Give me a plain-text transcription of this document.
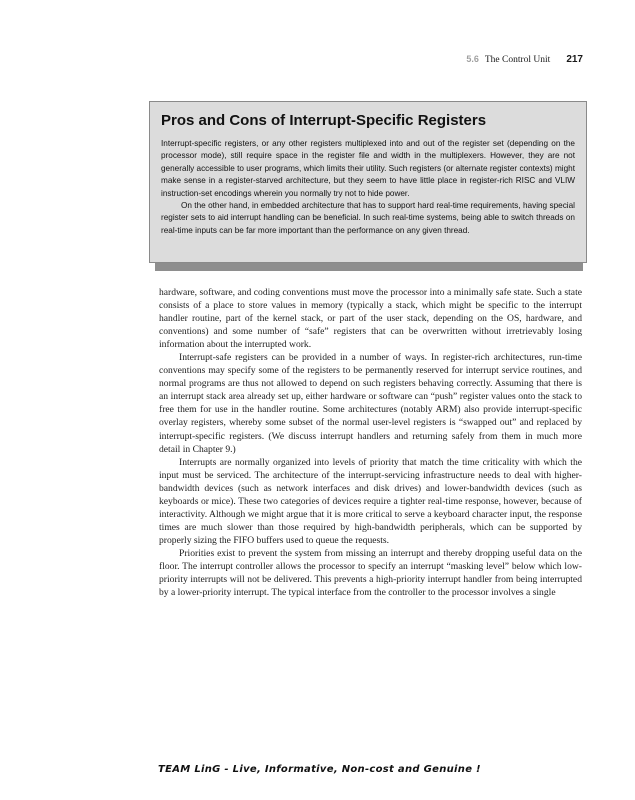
5.6 The Control Unit 217
Pros and Cons of Interrupt-Specific Registers

Interrupt-specific registers, or any other registers multiplexed into and out of the register set (depending on the processor mode), still require space in the register file and width in the multiplexers. However, they are not generally accessible to user programs, which limits their utility. Such registers (or alternate register contexts) might make sense in a register-starved architecture, but they seem to have little place in register-rich RISC and VLIW instruction-set encodings wherein you normally try not to hide power.

On the other hand, in embedded architecture that has to support hard real-time requirements, having special register sets to aid interrupt handling can be beneficial. In such real-time systems, being able to switch threads on real-time inputs can be far more important than the performance on any given thread.

hardware, software, and coding conventions must move the processor into a minimally safe state. Such a state consists of a place to store values in memory (typically a stack, which might be specific to the interrupt handler routine, part of the kernel stack, or part of the user stack, depending on the OS, hardware, and conventions) and some number of “safe” registers that can be overwritten without irretrievably losing information about the interrupted work.

Interrupt-safe registers can be provided in a number of ways. In register-rich architectures, run-time conventions may specify some of the registers to be permanently reserved for interrupt service routines, and normal programs are thus not allowed to depend on such registers behaving correctly. Assuming that there is an interrupt stack area already set up, either hardware or software can “push” register values onto the stack to free them for use in the handler routine. Some architectures (notably ARM) also provide interrupt-specific overlay registers, whereby some subset of the normal user-level registers is “swapped out” and replaced by interrupt-specific registers. (We discuss interrupt handlers and returning safely from them in much more detail in Chapter 9.)

Interrupts are normally organized into levels of priority that match the time criticality with which the input must be serviced. The architecture of the interrupt-servicing infrastructure needs to deal with higher-bandwidth devices (such as network interfaces and disk drives) and lower-bandwidth devices (such as keyboards or mice). These two categories of devices require a tighter real-time response, however, because of interactivity. Although we might argue that it is more critical to serve a keyboard character input, the response times are much slower than those required by high-bandwidth peripherals, which can be supported by properly sizing the FIFO buffers used to queue the requests.

Priorities exist to prevent the system from missing an interrupt and thereby dropping useful data on the floor. The interrupt controller allows the processor to specify an interrupt “masking level” below which low-priority interrupts will not be delivered. This prevents a high-priority interrupt handler from being interrupted by a lower-priority interrupt. The typical interface from the controller to the processor involves a single

TEAM LinG - Live, Informative, Non-cost and Genuine !
